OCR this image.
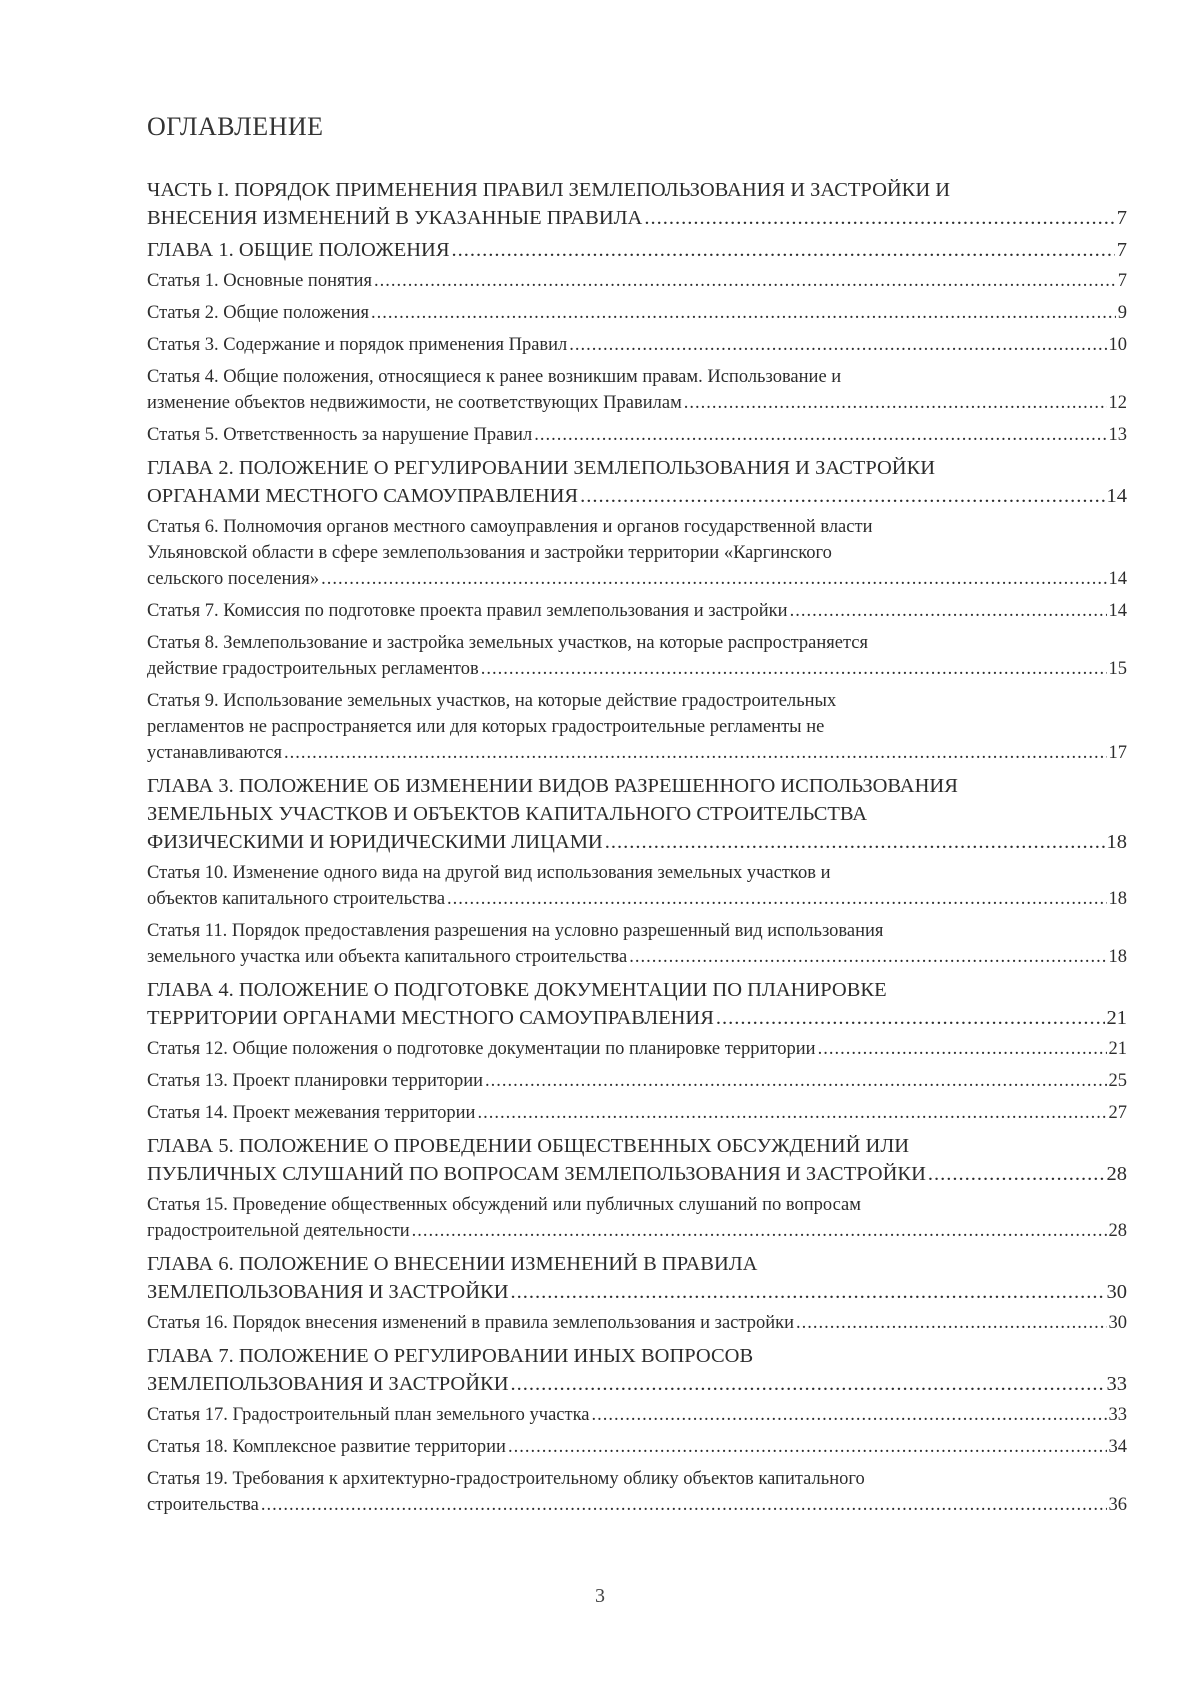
ОГЛАВЛЕНИЕ
ЧАСТЬ I. ПОРЯДОК ПРИМЕНЕНИЯ ПРАВИЛ ЗЕМЛЕПОЛЬЗОВАНИЯ И ЗАСТРОЙКИ И
ВНЕСЕНИЯ ИЗМЕНЕНИЙ В УКАЗАННЫЕ ПРАВИЛА .....	7
ГЛАВА 1. ОБЩИЕ ПОЛОЖЕНИЯ .....	7
Статья 1. Основные понятия .....	7
Статья 2. Общие положения .....	9
Статья 3. Содержание и порядок применения Правил .....	10
Статья 4. Общие положения, относящиеся к ранее возникшим правам. Использование и
изменение объектов недвижимости, не соответствующих Правилам .....	12
Статья 5. Ответственность за нарушение Правил .....	13
ГЛАВА 2. ПОЛОЖЕНИЕ О РЕГУЛИРОВАНИИ ЗЕМЛЕПОЛЬЗОВАНИЯ И ЗАСТРОЙКИ
ОРГАНАМИ МЕСТНОГО САМОУПРАВЛЕНИЯ .....	14
Статья 6. Полномочия органов местного самоуправления и органов государственной власти
Ульяновской области в сфере землепользования и застройки территории «Каргинского
сельского поселения» .....	14
Статья 7. Комиссия по подготовке проекта правил землепользования и застройки .....	14
Статья 8. Землепользование и застройка земельных участков, на которые распространяется
действие градостроительных регламентов .....	15
Статья 9. Использование земельных участков, на которые действие градостроительных
регламентов не распространяется или для которых градостроительные регламенты не
устанавливаются .....	17
ГЛАВА 3. ПОЛОЖЕНИЕ ОБ ИЗМЕНЕНИИ ВИДОВ РАЗРЕШЕННОГО ИСПОЛЬЗОВАНИЯ
ЗЕМЕЛЬНЫХ УЧАСТКОВ И ОБЪЕКТОВ КАПИТАЛЬНОГО СТРОИТЕЛЬСТВА
ФИЗИЧЕСКИМИ И ЮРИДИЧЕСКИМИ ЛИЦАМИ .....	18
Статья 10. Изменение одного вида на другой вид использования земельных участков и
объектов капитального строительства .....	18
Статья 11. Порядок предоставления разрешения на условно разрешенный вид использования
земельного участка или объекта капитального строительства .....	18
ГЛАВА 4. ПОЛОЖЕНИЕ О ПОДГОТОВКЕ ДОКУМЕНТАЦИИ ПО ПЛАНИРОВКЕ
ТЕРРИТОРИИ ОРГАНАМИ МЕСТНОГО САМОУПРАВЛЕНИЯ .....	21
Статья 12. Общие положения о подготовке документации по планировке территории .....	21
Статья 13. Проект планировки территории .....	25
Статья 14. Проект межевания территории .....	27
ГЛАВА 5. ПОЛОЖЕНИЕ О ПРОВЕДЕНИИ ОБЩЕСТВЕННЫХ ОБСУЖДЕНИЙ ИЛИ
ПУБЛИЧНЫХ СЛУШАНИЙ ПО ВОПРОСАМ ЗЕМЛЕПОЛЬЗОВАНИЯ И ЗАСТРОЙКИ .....	28
Статья 15. Проведение общественных обсуждений или публичных слушаний по вопросам
градостроительной деятельности .....	28
ГЛАВА 6. ПОЛОЖЕНИЕ О ВНЕСЕНИИ ИЗМЕНЕНИЙ В ПРАВИЛА
ЗЕМЛЕПОЛЬЗОВАНИЯ И ЗАСТРОЙКИ .....	30
Статья 16. Порядок внесения изменений в правила землепользования и застройки .....	30
ГЛАВА 7. ПОЛОЖЕНИЕ О РЕГУЛИРОВАНИИ ИНЫХ ВОПРОСОВ
ЗЕМЛЕПОЛЬЗОВАНИЯ И ЗАСТРОЙКИ .....	33
Статья 17. Градостроительный план земельного участка .....	33
Статья 18. Комплексное развитие территории .....	34
Статья 19. Требования к архитектурно-градостроительному облику объектов капитального
строительства .....	36
3
